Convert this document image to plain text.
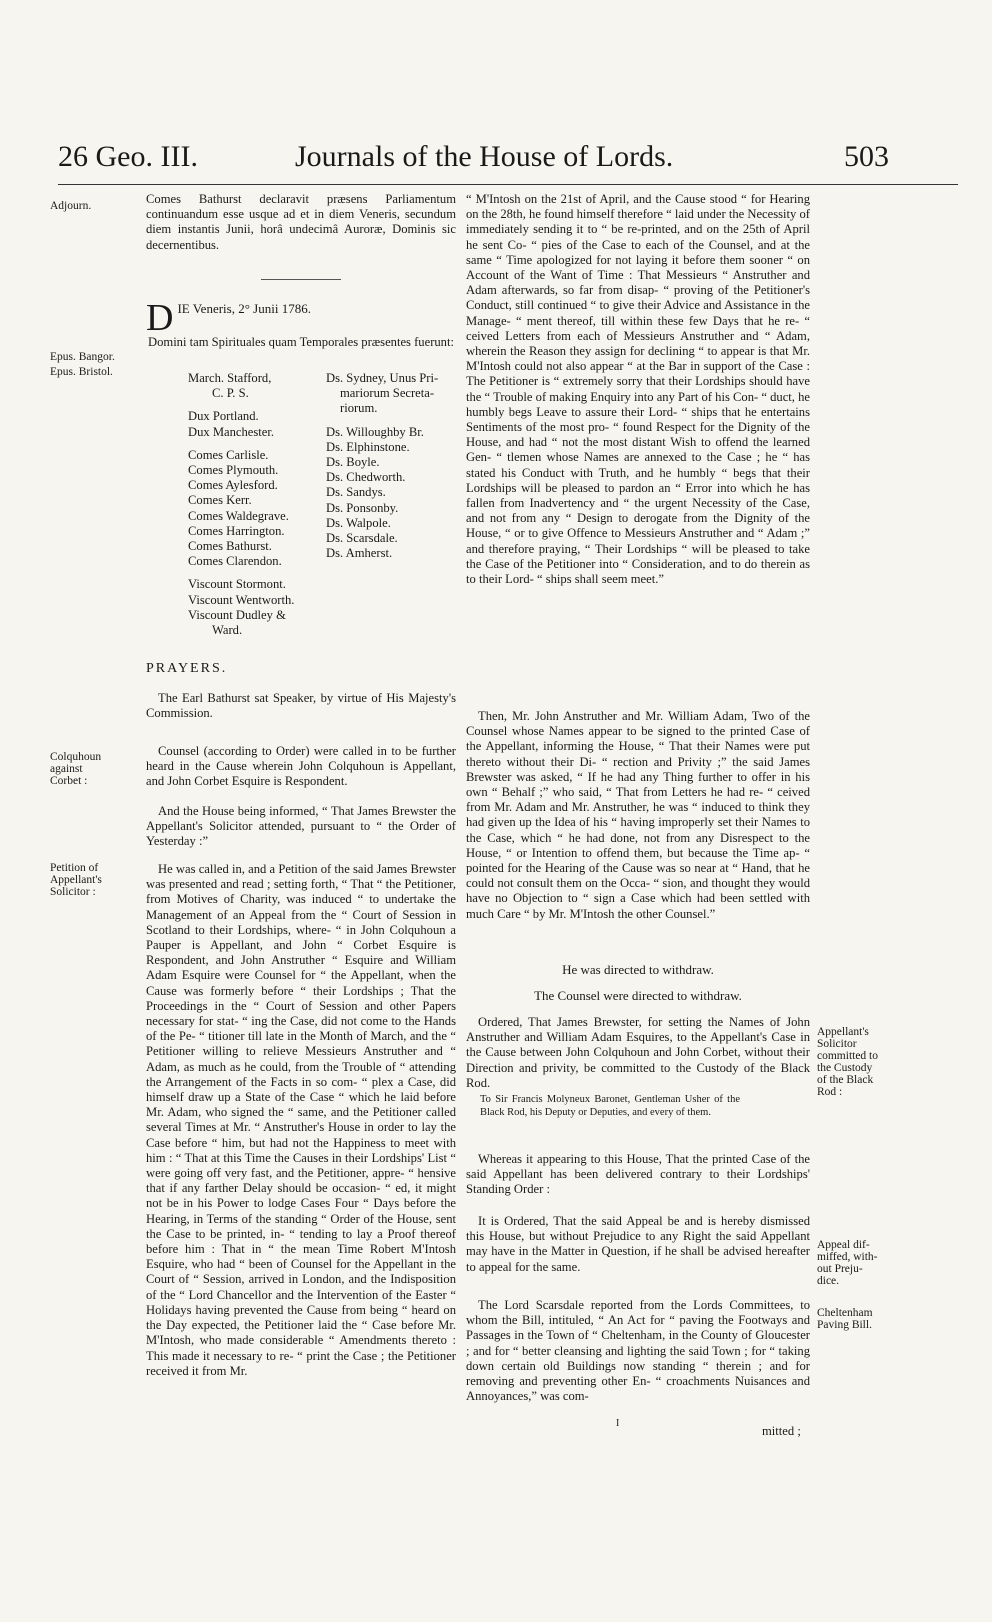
26 Geo. III.	Journals of the House of Lords.	503
Adjourn.
Epus. Bangor.
Epus. Bristol.
Colquhoun
against
Corbet :
Petition of
Appellant's
Solicitor :
Appellant's
Solicitor
committed to
the Custody
of the Black
Rod :
Appeal dif-
miffed, with-
out Preju-
dice.
Cheltenham
Paving Bill.

Comes Bathurst declaravit præsens Parliamentum continuandum esse usque ad et in diem Veneris, secundum diem instantis Junii, horâ undecimâ Auroræ, Dominis sic decernentibus.

D IE Veneris, 2° Junii 1786.

Domini tam Spirituales quam Temporales præsentes fuerunt:

March. Stafford,
C. P. S.
Dux Portland.
Dux Manchester.
Comes Carlisle.
Comes Plymouth.
Comes Aylesford.
Comes Kerr.
Comes Waldegrave.
Comes Harrington.
Comes Bathurst.
Comes Clarendon.
Viscount Stormont.
Viscount Wentworth.
Viscount Dudley &
Ward.
Ds. Sydney, Unus Pri-
mariorum Secreta-
riorum.
Ds. Willoughby Br.
Ds. Elphinstone.
Ds. Boyle.
Ds. Chedworth.
Ds. Sandys.
Ds. Ponsonby.
Ds. Walpole.
Ds. Scarsdale.
Ds. Amherst.
PRAYERS.

The Earl Bathurst sat Speaker, by virtue of His Majesty's Commission.

Counsel (according to Order) were called in to be further heard in the Cause wherein John Colquhoun is Appellant, and John Corbet Esquire is Respondent.

And the House being informed, “ That James Brewster the Appellant's Solicitor attended, pursuant to “ the Order of Yesterday :”

He was called in, and a Petition of the said James Brewster was presented and read ; setting forth, “ That “ the Petitioner, from Motives of Charity, was induced “ to undertake the Management of an Appeal from the “ Court of Session in Scotland to their Lordships, where- “ in John Colquhoun a Pauper is Appellant, and John “ Corbet Esquire is Respondent, and John Anstruther “ Esquire and William Adam Esquire were Counsel for “ the Appellant, when the Cause was formerly before “ their Lordships ; That the Proceedings in the “ Court of Session and other Papers necessary for stat- “ ing the Case, did not come to the Hands of the Pe- “ titioner till late in the Month of March, and the “ Petitioner willing to relieve Messieurs Anstruther and “ Adam, as much as he could, from the Trouble of “ attending the Arrangement of the Facts in so com- “ plex a Case, did himself draw up a State of the Case “ which he laid before Mr. Adam, who signed the “ same, and the Petitioner called several Times at Mr. “ Anstruther's House in order to lay the Case before “ him, but had not the Happiness to meet with him : “ That at this Time the Causes in their Lordships' List “ were going off very fast, and the Petitioner, appre- “ hensive that if any farther Delay should be occasion- “ ed, it might not be in his Power to lodge Cases Four “ Days before the Hearing, in Terms of the standing “ Order of the House, sent the Case to be printed, in- “ tending to lay a Proof thereof before him : That in “ the mean Time Robert M'Intosh Esquire, who had “ been of Counsel for the Appellant in the Court of “ Session, arrived in London, and the Indisposition of the “ Lord Chancellor and the Intervention of the Easter “ Holidays having prevented the Cause from being “ heard on the Day expected, the Petitioner laid the “ Case before Mr. M'Intosh, who made considerable “ Amendments thereto : This made it necessary to re- “ print the Case ; the Petitioner received it from Mr.

“ M'Intosh on the 21st of April, and the Cause stood “ for Hearing on the 28th, he found himself therefore “ laid under the Necessity of immediately sending it to “ be re-printed, and on the 25th of April he sent Co- “ pies of the Case to each of the Counsel, and at the same “ Time apologized for not laying it before them sooner “ on Account of the Want of Time : That Messieurs “ Anstruther and Adam afterwards, so far from disap- “ proving of the Petitioner's Conduct, still continued “ to give their Advice and Assistance in the Manage- “ ment thereof, till within these few Days that he re- “ ceived Letters from each of Messieurs Anstruther and “ Adam, wherein the Reason they assign for declining “ to appear is that Mr. M'Intosh could not also appear “ at the Bar in support of the Case : The Petitioner is “ extremely sorry that their Lordships should have the “ Trouble of making Enquiry into any Part of his Con- “ duct, he humbly begs Leave to assure their Lord- “ ships that he entertains Sentiments of the most pro- “ found Respect for the Dignity of the House, and had “ not the most distant Wish to offend the learned Gen- “ tlemen whose Names are annexed to the Case ; he “ has stated his Conduct with Truth, and he humbly “ begs that their Lordships will be pleased to pardon an “ Error into which he has fallen from Inadvertency and “ the urgent Necessity of the Case, and not from any “ Design to derogate from the Dignity of the House, “ or to give Offence to Messieurs Anstruther and “ Adam ;” and therefore praying, “ Their Lordships “ will be pleased to take the Case of the Petitioner into “ Consideration, and to do therein as to their Lord- “ ships shall seem meet.”

Then, Mr. John Anstruther and Mr. William Adam, Two of the Counsel whose Names appear to be signed to the printed Case of the Appellant, informing the House, “ That their Names were put thereto without their Di- “ rection and Privity ;” the said James Brewster was asked, “ If he had any Thing further to offer in his own “ Behalf ;” who said, “ That from Letters he had re- “ ceived from Mr. Adam and Mr. Anstruther, he was “ induced to think they had given up the Idea of his “ having improperly set their Names to the Case, which “ he had done, not from any Disrespect to the House, “ or Intention to offend them, but because the Time ap- “ pointed for the Hearing of the Cause was so near at “ Hand, that he could not consult them on the Occa- “ sion, and thought they would have no Objection to “ sign a Case which had been settled with much Care “ by Mr. M'Intosh the other Counsel.”

He was directed to withdraw.
The Counsel were directed to withdraw.

Ordered, That James Brewster, for setting the Names of John Anstruther and William Adam Esquires, to the Appellant's Case in the Cause between John Colquhoun and John Corbet, without their Direction and privity, be committed to the Custody of the Black Rod.

To Sir Francis Molyneux Baronet, Gentleman Usher of the Black Rod, his Deputy or Deputies, and every of them.

Whereas it appearing to this House, That the printed Case of the said Appellant has been delivered contrary to their Lordships' Standing Order :

It is Ordered, That the said Appeal be and is hereby dismissed this House, but without Prejudice to any Right the said Appellant may have in the Matter in Question, if he shall be advised hereafter to appeal for the same.

The Lord Scarsdale reported from the Lords Committees, to whom the Bill, intituled, “ An Act for “ paving the Footways and Passages in the Town of “ Cheltenham, in the County of Gloucester ; and for “ better cleansing and lighting the said Town ; for “ taking down certain old Buildings now standing “ therein ; and for removing and preventing other En- “ croachments Nuisances and Annoyances,” was com-

mitted ;
I
